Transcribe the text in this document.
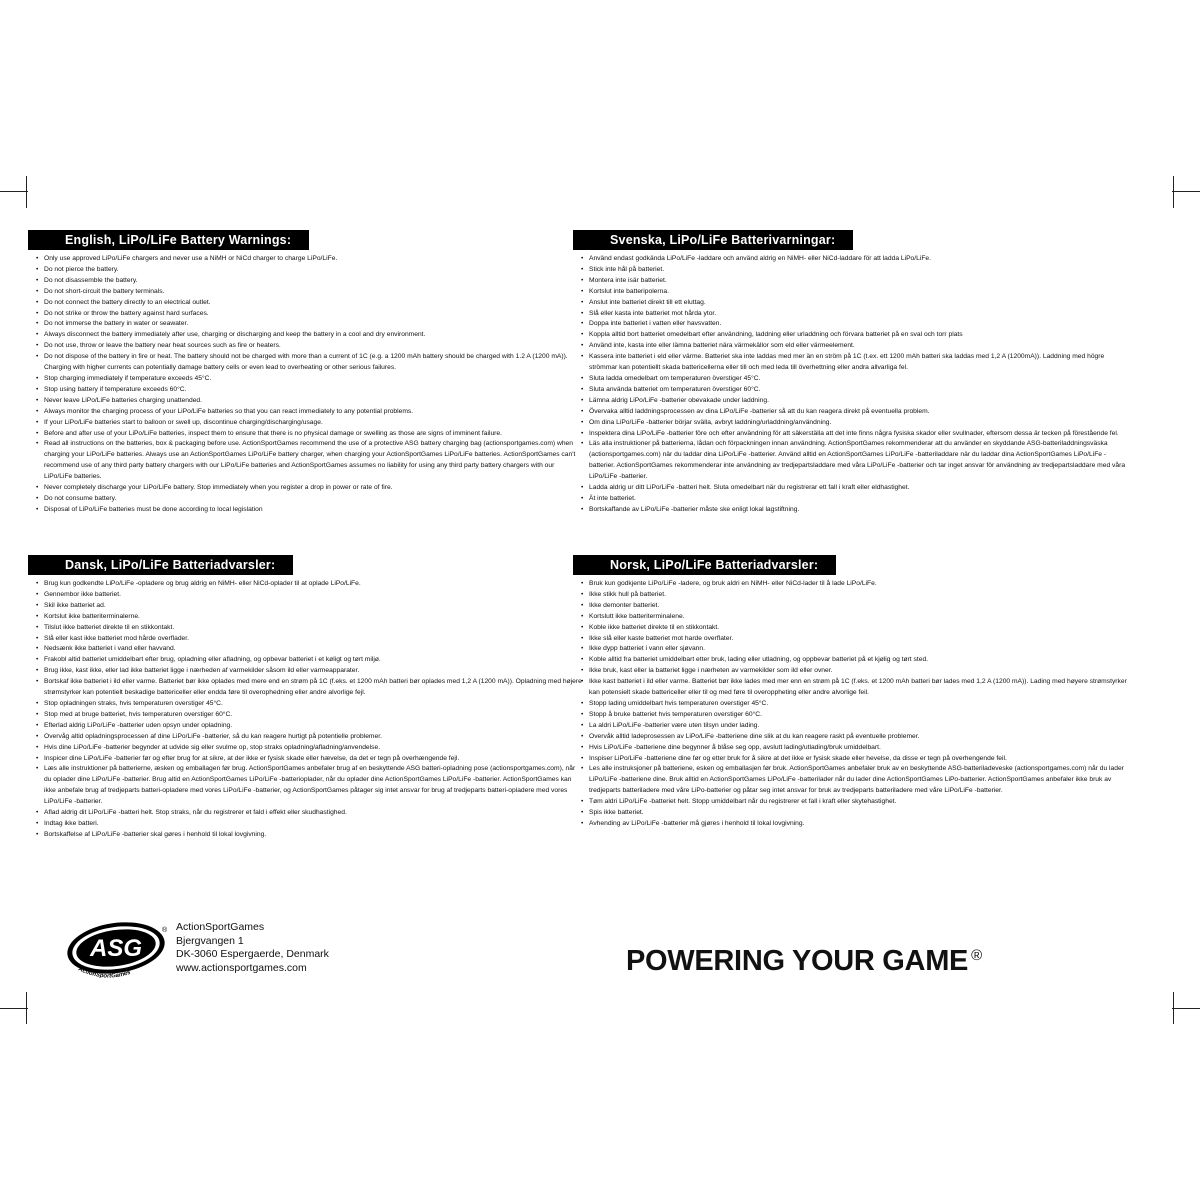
English, LiPo/LiFe Battery Warnings:
• Only use approved LiPo/LiFe chargers and never use a NiMH or NiCd charger to charge LiPo/LiFe.
• Do not pierce the battery.
• Do not disassemble the battery.
• Do not short-circuit the battery terminals.
• Do not connect the battery directly to an electrical outlet.
• Do not strike or throw the battery against hard surfaces.
• Do not immerse the battery in water or seawater.
• Always disconnect the battery immediately after use, charging or discharging and keep the battery in a cool and dry environment.
• Do not use, throw or leave the battery near heat sources such as fire or heaters.
• Do not dispose of the battery in fire or heat. The battery should not be charged with more than a current of 1C (e.g. a 1200 mAh battery should be charged with 1.2 A (1200 mA)). Charging with higher currents can potentially damage battery cells or even lead to overheating or other serious failures.
• Stop charging immediately if temperature exceeds 45°C.
• Stop using battery if temperature exceeds 60°C.
• Never leave LiPo/LiFe batteries charging unattended.
• Always monitor the charging process of your LiPo/LiFe batteries so that you can react immediately to any potential problems.
• If your LiPo/LiFe batteries start to balloon or swell up, discontinue charging/discharging/usage.
• Before and after use of your LiPo/LiFe batteries, inspect them to ensure that there is no physical damage or swelling as those are signs of imminent failure.
• Read all instructions on the batteries, box & packaging before use. ActionSportGames recommend the use of a protective ASG battery charging bag (actionsportgames.com) when charging your LiPo/LiFe batteries. Always use an ActionSportGames LiPo/LiFe battery charger, when charging your ActionSportGames LiPo/LiFe batteries. ActionSportGames can't recommend use of any third party battery chargers with our LiPo/LiFe batteries and ActionSportGames assumes no liability for using any third party battery chargers with our LiPo/LiFe batteries.
• Never completely discharge your LiPo/LiFe battery. Stop immediately when you register a drop in power or rate of fire.
• Do not consume battery.
• Disposal of LiPo/LiFe batteries must be done according to local legislation
Svenska, LiPo/LiFe Batterivarningar:
• Använd endast godkända LiPo/LiFe -laddare och använd aldrig en NiMH- eller NiCd-laddare för att ladda LiPo/LiFe.
• Stick inte hål på batteriet.
• Montera inte isär batteriet.
• Kortslut inte batteripolerna.
• Anslut inte batteriet direkt till ett eluttag.
• Slå eller kasta inte batteriet mot hårda ytor.
• Doppa inte batteriet i vatten eller havsvatten.
• Koppla alltid bort batteriet omedelbart efter användning, laddning eller urladdning och förvara batteriet på en sval och torr plats
• Använd inte, kasta inte eller lämna batteriet nära värmekällor som eld eller värmeelement.
• Kassera inte batteriet i eld eller värme. Batteriet ska inte laddas med mer än en ström på 1C (t.ex. ett 1200 mAh batteri ska laddas med 1,2 A (1200mA)). Laddning med högre strömmar kan potentiellt skada battericellerna eller till och med leda till överhettning eller andra allvarliga fel.
• Sluta ladda omedelbart om temperaturen överstiger 45°C.
• Sluta använda batteriet om temperaturen överstiger 60°C.
• Lämna aldrig LiPo/LiFe -batterier obevakade under laddning.
• Övervaka alltid laddningsprocessen av dina LiPo/LiFe -batterier så att du kan reagera direkt på eventuella problem.
• Om dina LiPo/LiFe -batterier börjar svälla, avbryt laddning/urladdning/användning.
• Inspektera dina LiPo/LiFe -batterier före och efter användning för att säkerställa att det inte finns några fysiska skador eller svullnader, eftersom dessa är tecken på förestående fel.
• Läs alla instruktioner på batterierna, lådan och förpackningen innan användning. ActionSportGames rekommenderar att du använder en skyddande ASG-batteriladdningsväska (actionsportgames.com) när du laddar dina LiPo/LiFe -batterier. Använd alltid en ActionSportGames LiPo/LiFe -batteriladdare när du laddar dina ActionSportGames LiPo/LiFe -batterier. ActionSportGames rekommenderar inte användning av tredjepartsladdare med våra LiPo/LiFe -batterier och tar inget ansvar för användning av tredjepartsladdare med våra LiPo/LiFe -batterier.
• Ladda aldrig ur ditt LiPo/LiFe -batteri helt. Sluta omedelbart när du registrerar ett fall i kraft eller eldhastighet.
• Ät inte batteriet.
• Bortskaffande av LiPo/LiFe -batterier måste ske enligt lokal lagstiftning.
Dansk, LiPo/LiFe Batteriadvarsler:
• Brug kun godkendte LiPo/LiFe -opladere og brug aldrig en NiMH- eller NiCd-oplader til at oplade LiPo/LiFe.
• Gennembor ikke batteriet.
• Skil ikke batteriet ad.
• Kortslut ikke batteriterminalerne.
• Tilslut ikke batteriet direkte til en stikkontakt.
• Slå eller kast ikke batteriet mod hårde overflader.
• Nedsænk ikke batteriet i vand eller havvand.
• Frakobl altid batteriet umiddelbart efter brug, opladning eller afladning, og opbevar batteriet i et køligt og tørt miljø.
• Brug ikke, kast ikke, eller lad ikke batteriet ligge i nærheden af varmekilder såsom ild eller varmeapparater.
• Bortskaf ikke batteriet i ild eller varme. Batteriet bør ikke oplades med mere end en strøm på 1C (f.eks. et 1200 mAh batteri bør oplades med 1,2 A (1200 mA)). Opladning med højere strømstyrker kan potentielt beskadige battericeller eller endda føre til overophedning eller andre alvorlige fejl.
• Stop opladningen straks, hvis temperaturen overstiger 45°C.
• Stop med at bruge batteriet, hvis temperaturen overstiger 60°C.
• Efterlad aldrig LiPo/LiFe -batterier uden opsyn under opladning.
• Overvåg altid opladningsprocessen af dine LiPo/LiFe -batterier, så du kan reagere hurtigt på potentielle problemer.
• Hvis dine LiPo/LiFe -batterier begynder at udvide sig eller svulme op, stop straks opladning/afladning/anvendelse.
• Inspicer dine LiPo/LiFe -batterier før og efter brug for at sikre, at der ikke er fysisk skade eller hævelse, da det er tegn på overhængende fejl.
• Læs alle instruktioner på batterierne, æsken og emballagen før brug. ActionSportGames anbefaler brug af en beskyttende ASG batteri-opladning pose (actionsportgames.com), når du oplader dine LiPo/LiFe -batterier. Brug altid en ActionSportGames LiPo/LiFe -batterioplader, når du oplader dine ActionSportGames LiPo/LiFe -batterier. ActionSportGames kan ikke anbefale brug af tredjeparts batteri-opladere med vores LiPo/LiFe -batterier, og ActionSportGames påtager sig intet ansvar for brug af tredjeparts batteri-opladere med vores LiPo/LiFe -batterier.
• Aflad aldrig dit LiPo/LiFe -batteri helt. Stop straks, når du registrerer et fald i effekt eller skudhastighed.
• Indtag ikke batteri.
• Bortskaffelse af LiPo/LiFe -batterier skal gøres i henhold til lokal lovgivning.
Norsk, LiPo/LiFe Batteriadvarsler:
• Bruk kun godkjente LiPo/LiFe -ladere, og bruk aldri en NiMH- eller NiCd-lader til å lade LiPo/LiFe.
• Ikke stikk hull på batteriet.
• Ikke demonter batteriet.
• Kortslutt ikke batteriterminalene.
• Koble ikke batteriet direkte til en stikkontakt.
• Ikke slå eller kaste batteriet mot harde overflater.
• Ikke dypp batteriet i vann eller sjøvann.
• Koble alltid fra batteriet umiddelbart etter bruk, lading eller utladning, og oppbevar batteriet på et kjølig og tørt sted.
• Ikke bruk, kast eller la batteriet ligge i nærheten av varmekilder som ild eller ovner.
• Ikke kast batteriet i ild eller varme. Batteriet bør ikke lades med mer enn en strøm på 1C (f.eks. et 1200 mAh batteri bør lades med 1,2 A (1200 mA)). Lading med høyere strømstyrker kan potensielt skade battericeller eller til og med føre til overoppheting eller andre alvorlige feil.
• Stopp lading umiddelbart hvis temperaturen overstiger 45°C.
• Stopp å bruke batteriet hvis temperaturen overstiger 60°C.
• La aldri LiPo/LiFe -batterier være uten tilsyn under lading.
• Overvåk alltid ladeprosessen av LiPo/LiFe -batteriene dine slik at du kan reagere raskt på eventuelle problemer.
• Hvis LiPo/LiFe -batteriene dine begynner å blåse seg opp, avslutt lading/utlading/bruk umiddelbart.
• Inspiser LiPo/LiFe -batteriene dine før og etter bruk for å sikre at det ikke er fysisk skade eller hevelse, da disse er tegn på overhengende feil.
• Les alle instruksjoner på batteriene, esken og emballasjen før bruk. ActionSportGames anbefaler bruk av en beskyttende ASG-batteriladeveske (actionsportgames.com) når du lader LiPo/LiFe -batteriene dine. Bruk alltid en ActionSportGames LiPo/LiFe -batterilader når du lader dine ActionSportGames LiPo-batterier. ActionSportGames anbefaler ikke bruk av tredjeparts batteriladere med våre LiPo-batterier og påtar seg intet ansvar for bruk av tredjeparts batteriladere med våre LiPo/LiFe -batterier.
• Tøm aldri LiPo/LiFe -batteriet helt. Stopp umiddelbart når du registrerer et fall i kraft eller skytehastighet.
• Spis ikke batteriet.
• Avhending av LiPo/LiFe -batterier må gjøres i henhold til lokal lovgivning.
ASG
ActionSportGames
® ActionSportGames
Bjergvangen 1
DK-3060 Espergaerde, Denmark
www.actionsportgames.com	POWERING YOUR GAME ®
